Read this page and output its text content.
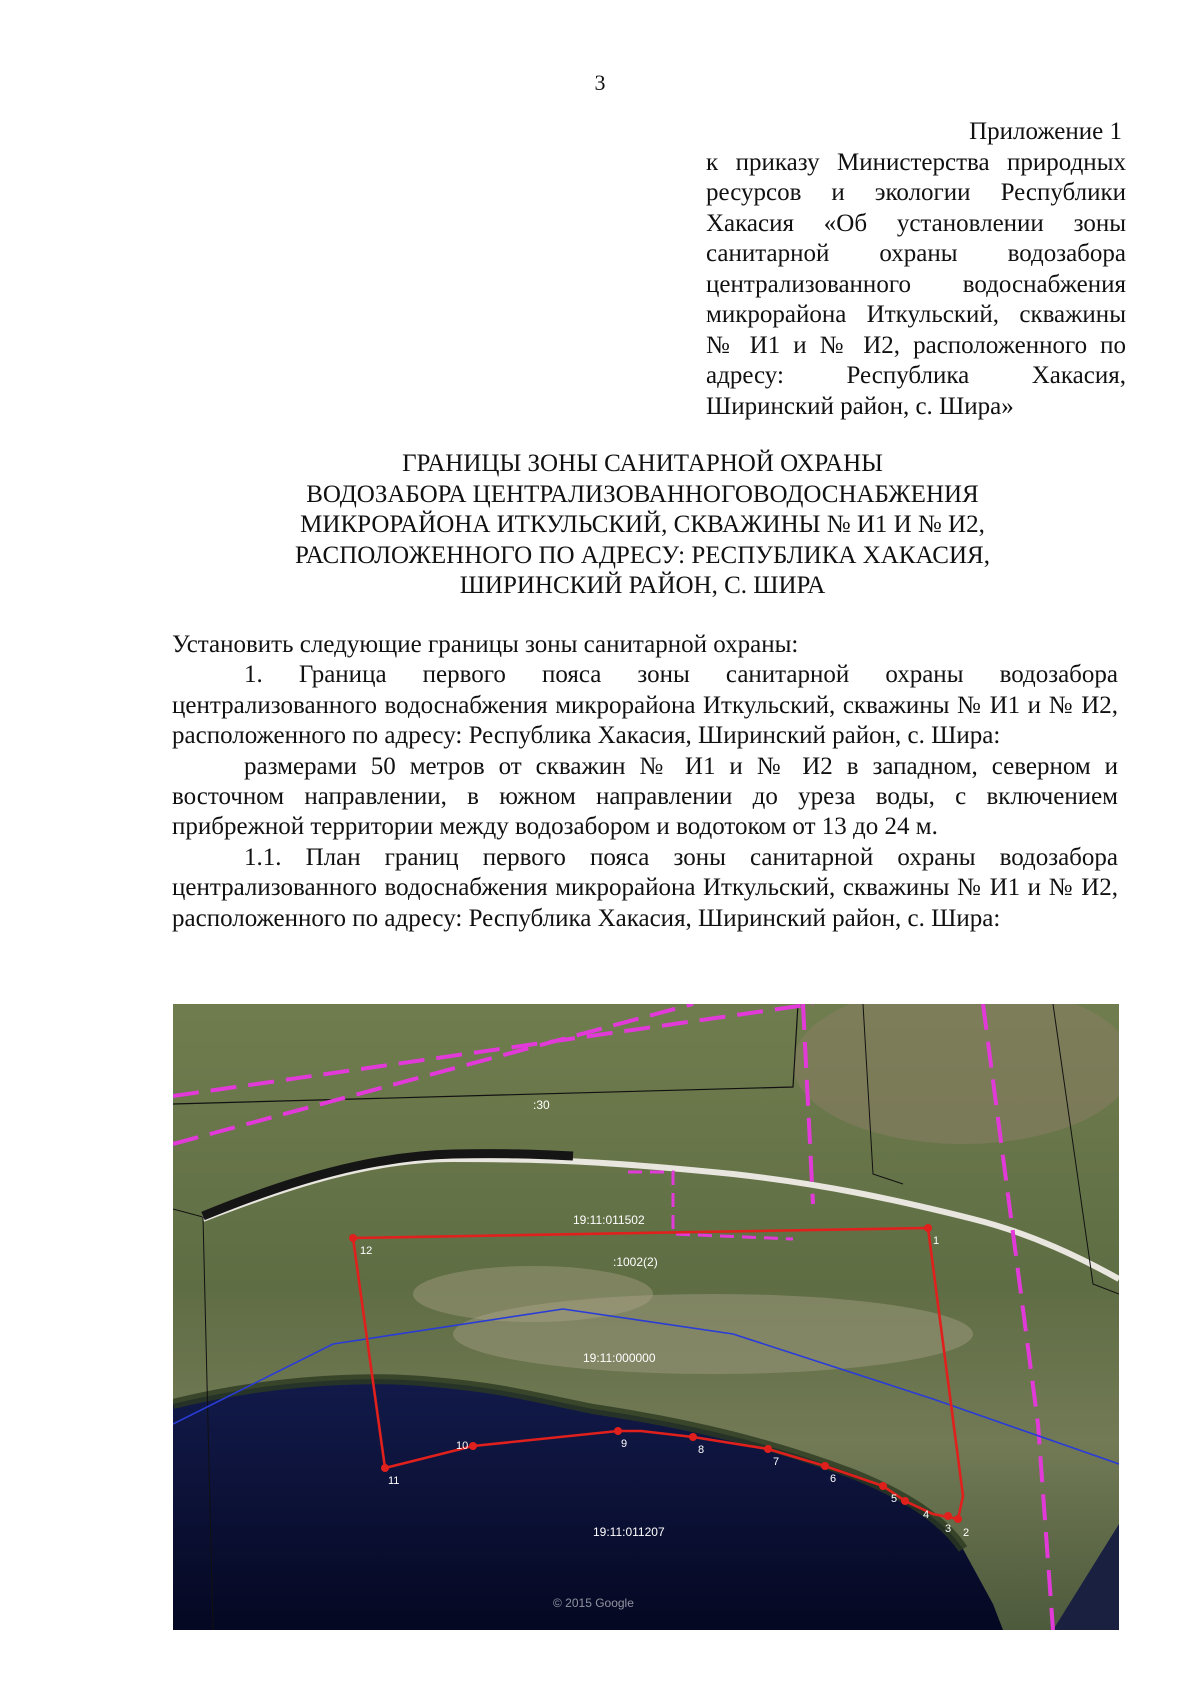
3
Приложение 1
к приказу Министерства природных ресурсов и экологии Республики Хакасия «Об установлении зоны санитарной охраны водозабора централизованного водоснабжения микрорайона Иткульский, скважины № И1 и № И2, расположенного по адресу: Республика Хакасия, Ширинский район, с. Шира»
ГРАНИЦЫ ЗОНЫ САНИТАРНОЙ ОХРАНЫ
ВОДОЗАБОРА ЦЕНТРАЛИЗОВАННОГОВОДОСНАБЖЕНИЯ
МИКРОРАЙОНА ИТКУЛЬСКИЙ, СКВАЖИНЫ № И1 И № И2,
РАСПОЛОЖЕННОГО ПО АДРЕСУ: РЕСПУБЛИКА ХАКАСИЯ,
ШИРИНСКИЙ РАЙОН, С. ШИРА

Установить следующие границы зоны санитарной охраны:

1. Граница первого пояса зоны санитарной охраны водозабора централизованного водоснабжения микрорайона Иткульский, скважины № И1 и № И2, расположенного по адресу: Республика Хакасия, Ширинский район, с. Шира:

размерами 50 метров от скважин № И1 и № И2 в западном, северном и восточном направлении, в южном направлении до уреза воды, с включением прибрежной территории между водозабором и водотоком от 13 до 24 м.

1.1. План границ первого пояса зоны санитарной охраны водозабора централизованного водоснабжения микрорайона Иткульский, скважины № И1 и № И2, расположенного по адресу: Республика Хакасия, Ширинский район, с. Шира:

1
2
3
4
5
6
7
8
9
10
11
12
:30
19:11:011502
:1002(2)
19:11:000000
19:11:011207
© 2015 Google
